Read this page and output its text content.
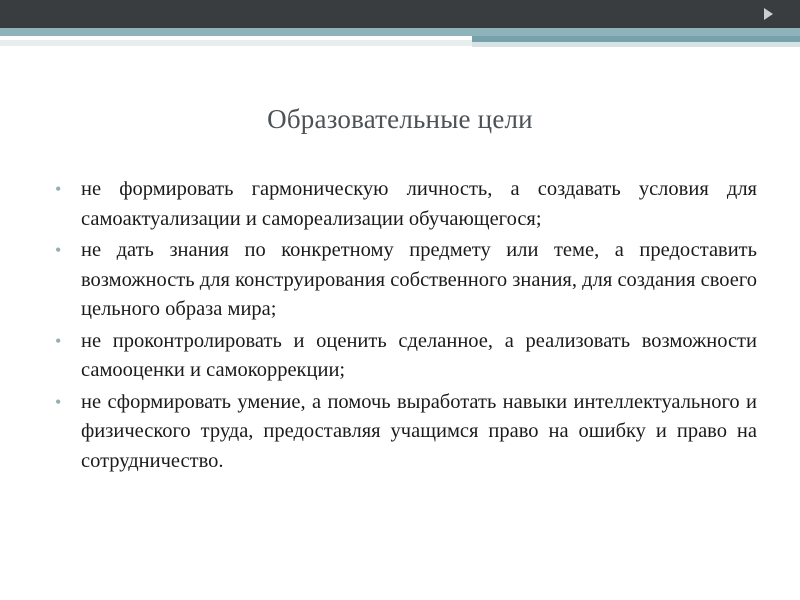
Образовательные цели
• не формировать гармоническую личность, а создавать условия для самоактуализации и самореализации обучающегося;
• не дать знания по конкретному предмету или теме, а предоставить возможность для конструирования собственного знания, для создания своего цельного образа мира;
• не проконтролировать и оценить сделанное, а реализовать возможности самооценки и самокоррекции;
• не сформировать умение, а помочь выработать навыки интеллектуального и физического труда, предоставляя учащимся право на ошибку и право на сотрудничество.
